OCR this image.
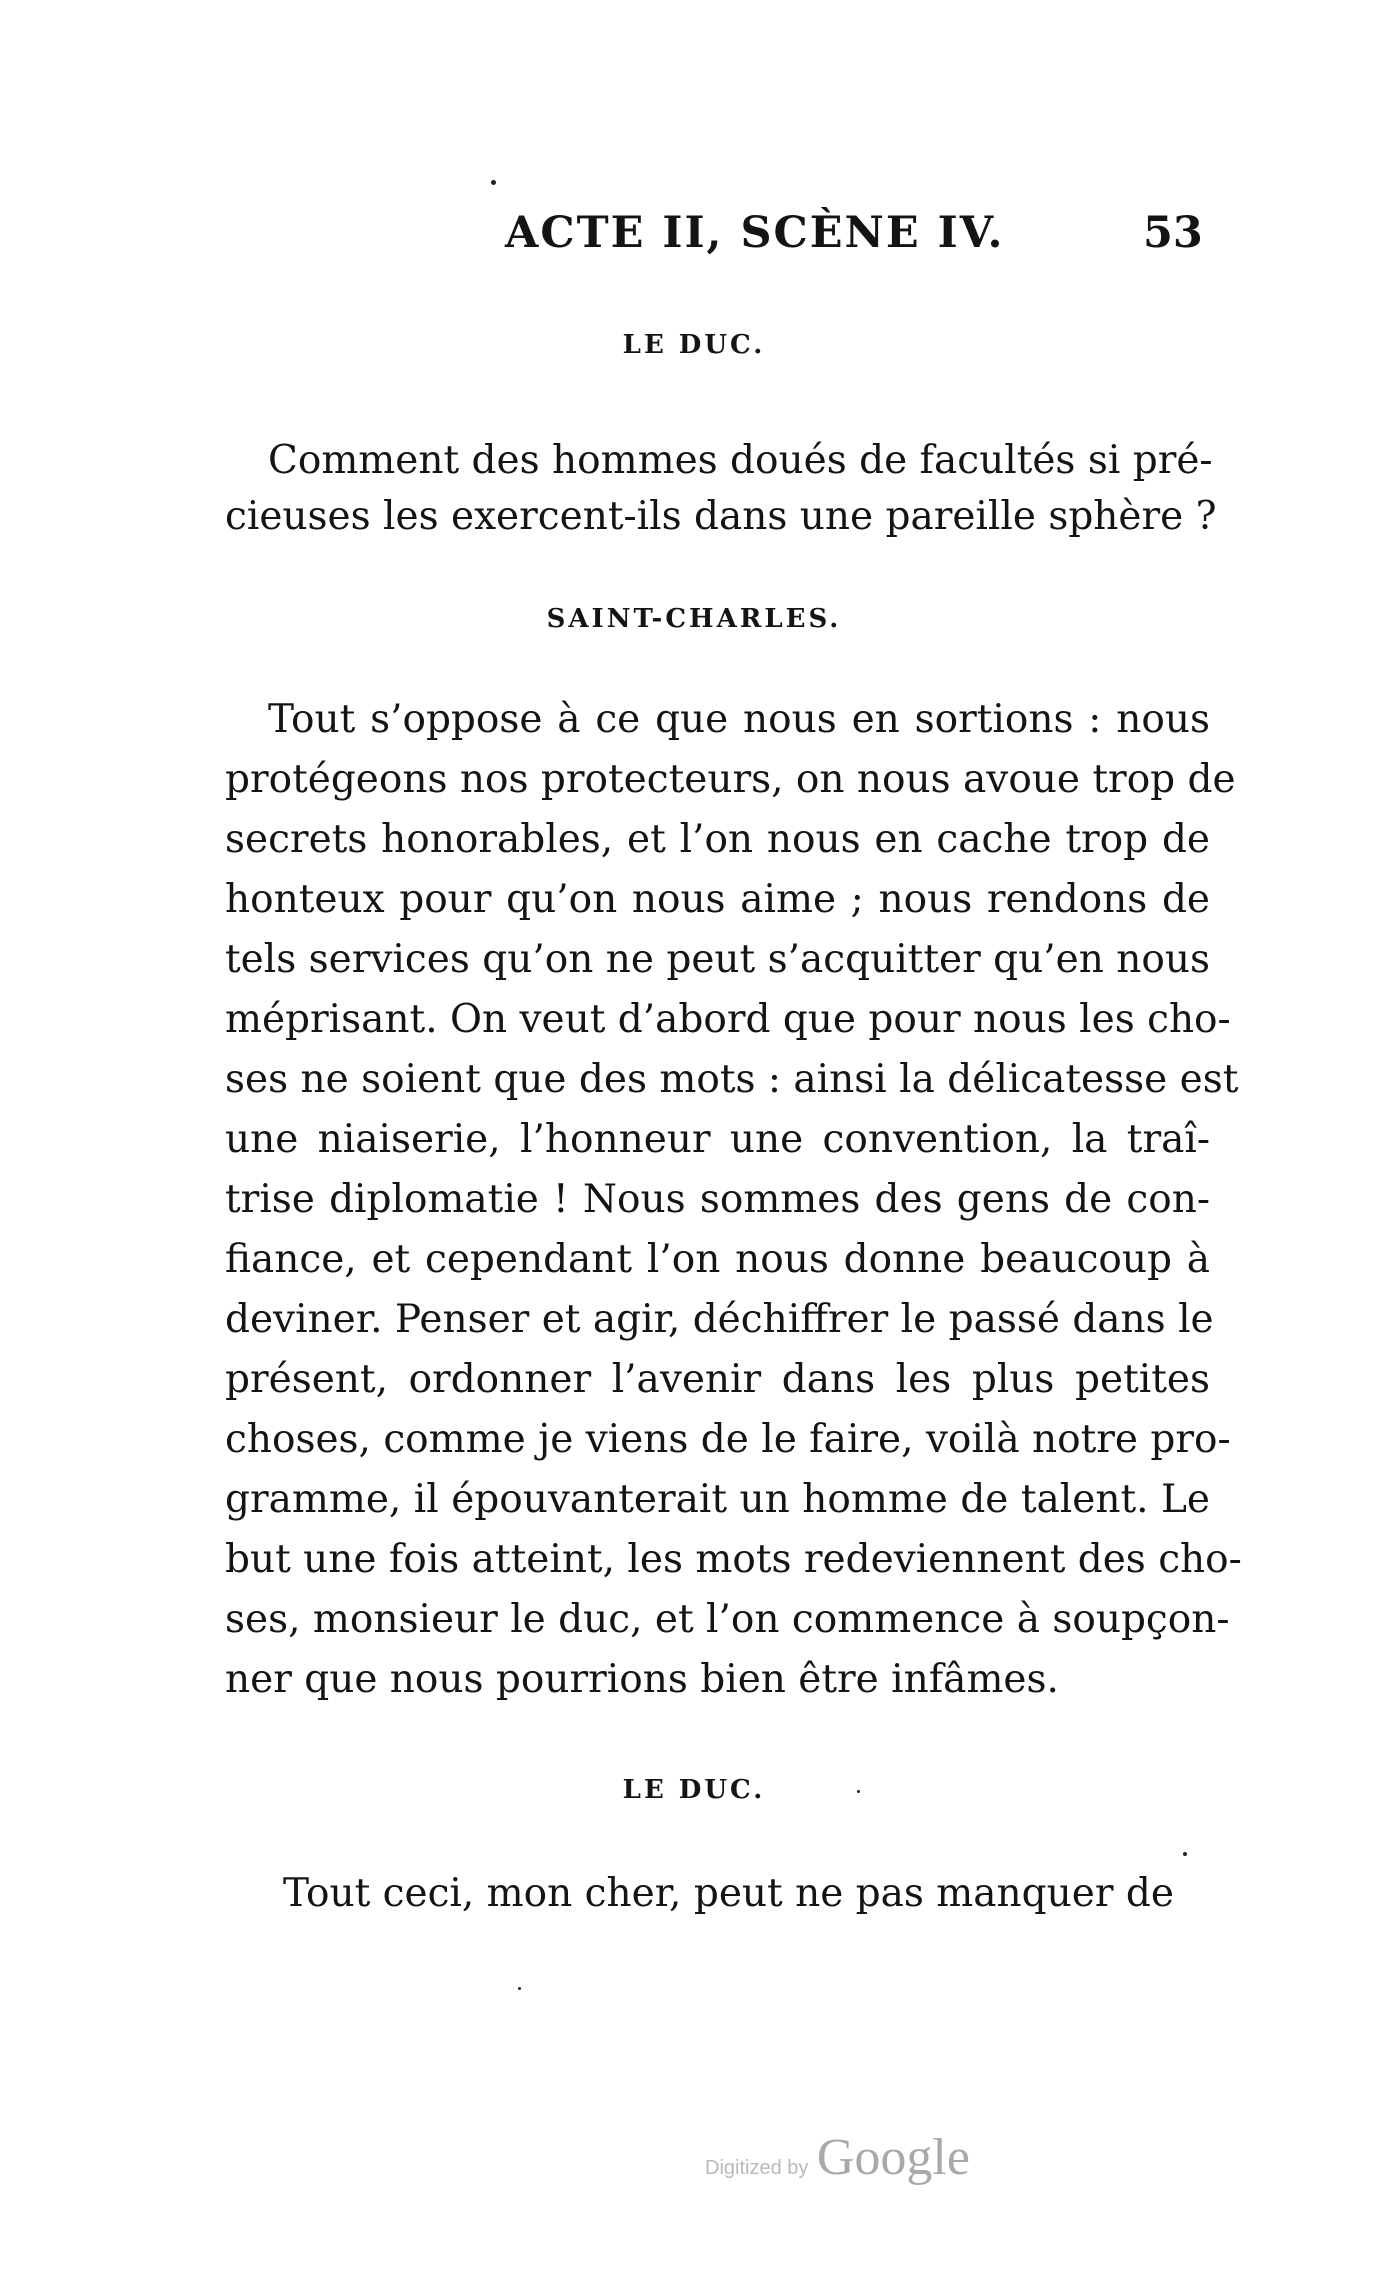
ACTE II, SCÈNE IV.	53
LE DUC.
Comment des hommes doués de facultés si pré-
cieuses les exercent-ils dans une pareille sphère ?
SAINT-CHARLES.
Tout s’oppose à ce que nous en sortions : nous
protégeons nos protecteurs, on nous avoue trop de
secrets honorables, et l’on nous en cache trop de
honteux pour qu’on nous aime ; nous rendons de
tels services qu’on ne peut s’acquitter qu’en nous
méprisant. On veut d’abord que pour nous les cho-
ses ne soient que des mots : ainsi la délicatesse est
une niaiserie, l’honneur une convention, la traî-
trise diplomatie ! Nous sommes des gens de con-
fiance, et cependant l’on nous donne beaucoup à
deviner. Penser et agir, déchiffrer le passé dans le
présent, ordonner l’avenir dans les plus petites
choses, comme je viens de le faire, voilà notre pro-
gramme, il épouvanterait un homme de talent. Le
but une fois atteint, les mots redeviennent des cho-
ses, monsieur le duc, et l’on commence à soupçon-
ner que nous pourrions bien être infâmes.
LE DUC.
Tout ceci, mon cher, peut ne pas manquer de
Digitized by Google
